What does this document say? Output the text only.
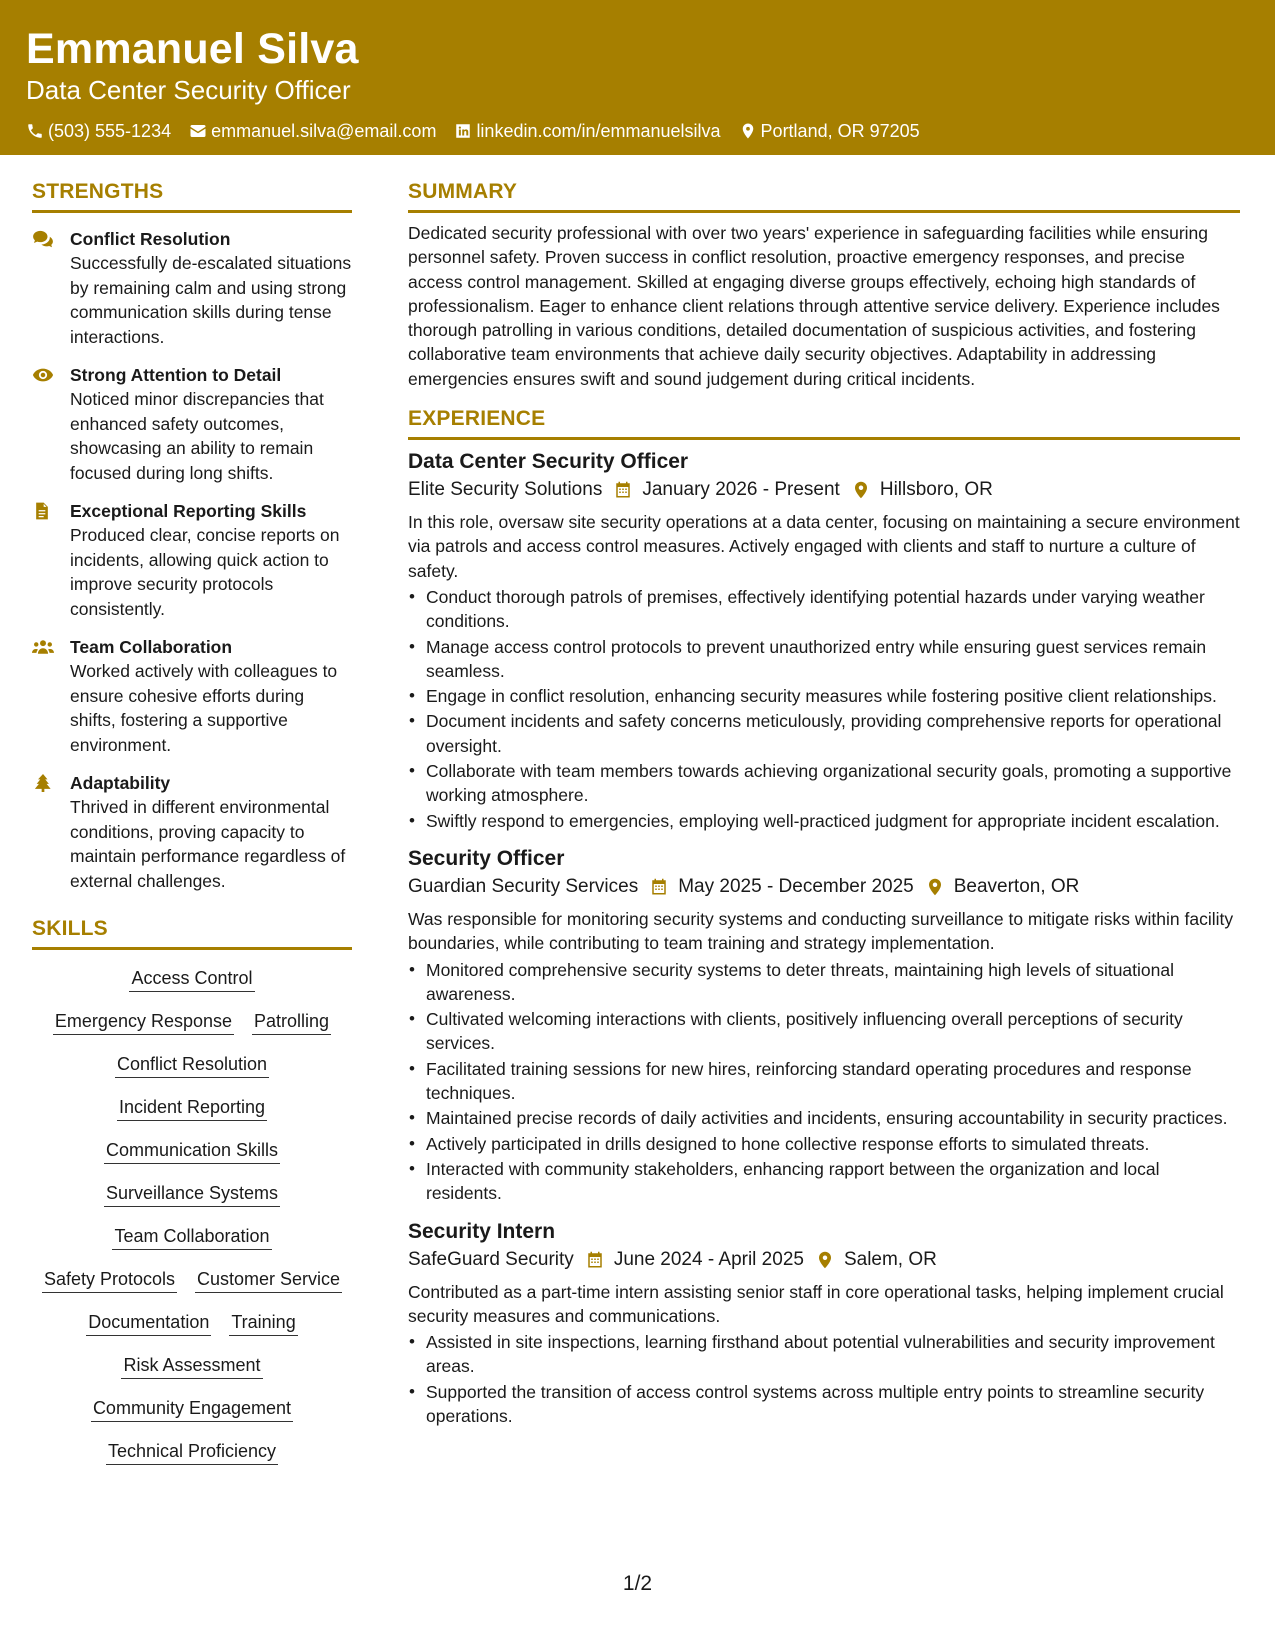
Emmanuel Silva
Data Center Security Officer
(503) 555-1234 emmanuel.silva@email.com linkedin.com/in/emmanuelsilva Portland, OR 97205
STRENGTHS
Conflict Resolution
Successfully de-escalated situations by remaining calm and using strong communication skills during tense interactions.
Strong Attention to Detail
Noticed minor discrepancies that enhanced safety outcomes, showcasing an ability to remain focused during long shifts.
Exceptional Reporting Skills
Produced clear, concise reports on incidents, allowing quick action to improve security protocols consistently.
Team Collaboration
Worked actively with colleagues to ensure cohesive efforts during shifts, fostering a supportive environment.
Adaptability
Thrived in different environmental conditions, proving capacity to maintain performance regardless of external challenges.
SKILLS
Access Control
Emergency Response Patrolling
Conflict Resolution
Incident Reporting
Communication Skills
Surveillance Systems
Team Collaboration
Safety Protocols Customer Service
Documentation Training
Risk Assessment
Community Engagement
Technical Proficiency
SUMMARY
Dedicated security professional with over two years' experience in safeguarding facilities while ensuring personnel safety. Proven success in conflict resolution, proactive emergency responses, and precise access control management. Skilled at engaging diverse groups effectively, echoing high standards of professionalism. Eager to enhance client relations through attentive service delivery. Experience includes thorough patrolling in various conditions, detailed documentation of suspicious activities, and fostering collaborative team environments that achieve daily security objectives. Adaptability in addressing emergencies ensures swift and sound judgement during critical incidents.
EXPERIENCE
Data Center Security Officer
Elite Security Solutions January 2026 - Present Hillsboro, OR
In this role, oversaw site security operations at a data center, focusing on maintaining a secure environment via patrols and access control measures. Actively engaged with clients and staff to nurture a culture of safety.
• Conduct thorough patrols of premises, effectively identifying potential hazards under varying weather conditions.
• Manage access control protocols to prevent unauthorized entry while ensuring guest services remain seamless.
• Engage in conflict resolution, enhancing security measures while fostering positive client relationships.
• Document incidents and safety concerns meticulously, providing comprehensive reports for operational oversight.
• Collaborate with team members towards achieving organizational security goals, promoting a supportive working atmosphere.
• Swiftly respond to emergencies, employing well-practiced judgment for appropriate incident escalation.
Security Officer
Guardian Security Services May 2025 - December 2025 Beaverton, OR
Was responsible for monitoring security systems and conducting surveillance to mitigate risks within facility boundaries, while contributing to team training and strategy implementation.
• Monitored comprehensive security systems to deter threats, maintaining high levels of situational awareness.
• Cultivated welcoming interactions with clients, positively influencing overall perceptions of security services.
• Facilitated training sessions for new hires, reinforcing standard operating procedures and response techniques.
• Maintained precise records of daily activities and incidents, ensuring accountability in security practices.
• Actively participated in drills designed to hone collective response efforts to simulated threats.
• Interacted with community stakeholders, enhancing rapport between the organization and local residents.
Security Intern
SafeGuard Security June 2024 - April 2025 Salem, OR
Contributed as a part-time intern assisting senior staff in core operational tasks, helping implement crucial security measures and communications.
• Assisted in site inspections, learning firsthand about potential vulnerabilities and security improvement areas.
• Supported the transition of access control systems across multiple entry points to streamline security operations.
1/2
